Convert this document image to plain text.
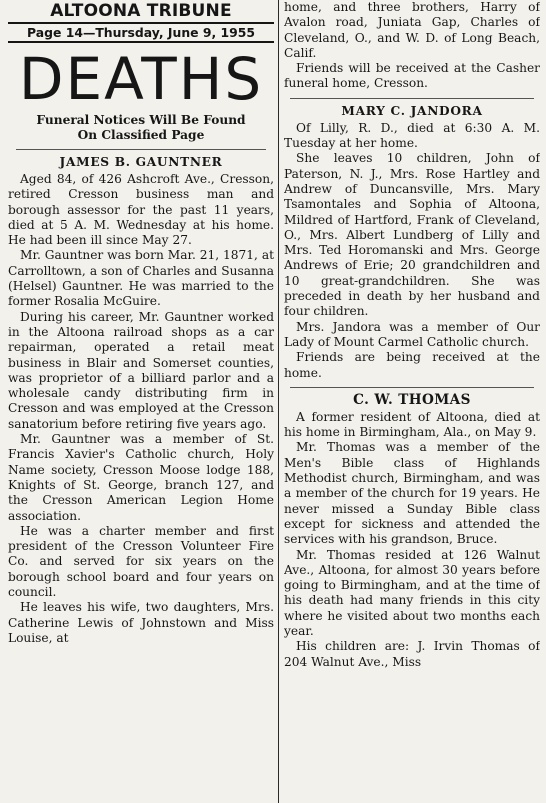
ALTOONA TRIBUNE
Page 14—Thursday, June 9, 1955
DEATHS
Funeral Notices Will Be Found
On Classified Page
JAMES B. GAUNTNER

Aged 84, of 426 Ashcroft Ave., Cresson, retired Cresson business man and borough assessor for the past 11 years, died at 5 A. M. Wednesday at his home. He had been ill since May 27.

Mr. Gauntner was born Mar. 21, 1871, at Carrolltown, a son of Charles and Susanna (Helsel) Gauntner. He was married to the former Rosalia McGuire.

During his career, Mr. Gauntner worked in the Altoona railroad shops as a car repairman, operated a retail meat business in Blair and Somerset counties, was proprietor of a billiard parlor and a wholesale candy distributing firm in Cresson and was employed at the Cresson sanatorium before retiring five years ago.

Mr. Gauntner was a member of St. Francis Xavier's Catholic church, Holy Name society, Cresson Moose lodge 188, Knights of St. George, branch 127, and the Cresson American Legion Home association.

He was a charter member and first president of the Cresson Volunteer Fire Co. and served for six years on the borough school board and four years on council.

He leaves his wife, two daughters, Mrs. Catherine Lewis of Johnstown and Miss Louise, at

home, and three brothers, Harry of Avalon road, Juniata Gap, Charles of Cleveland, O., and W. D. of Long Beach, Calif.

Friends will be received at the Casher funeral home, Cresson.

MARY C. JANDORA

Of Lilly, R. D., died at 6:30 A. M. Tuesday at her home.

She leaves 10 children, John of Paterson, N. J., Mrs. Rose Hartley and Andrew of Duncansville, Mrs. Mary Tsamontales and Sophia of Altoona, Mildred of Hartford, Frank of Cleveland, O., Mrs. Albert Lundberg of Lilly and Mrs. Ted Horomanski and Mrs. George Andrews of Erie; 20 grandchildren and 10 great-grandchildren. She was preceded in death by her husband and four children.

Mrs. Jandora was a member of Our Lady of Mount Carmel Catholic church.

Friends are being received at the home.

C. W. THOMAS

A former resident of Altoona, died at his home in Birmingham, Ala., on May 9.

Mr. Thomas was a member of the Men's Bible class of Highlands Methodist church, Birmingham, and was a member of the church for 19 years. He never missed a Sunday Bible class except for sickness and attended the services with his grandson, Bruce.

Mr. Thomas resided at 126 Walnut Ave., Altoona, for almost 30 years before going to Birmingham, and at the time of his death had many friends in this city where he visited about two months each year.

His children are: J. Irvin Thomas of 204 Walnut Ave., Miss
